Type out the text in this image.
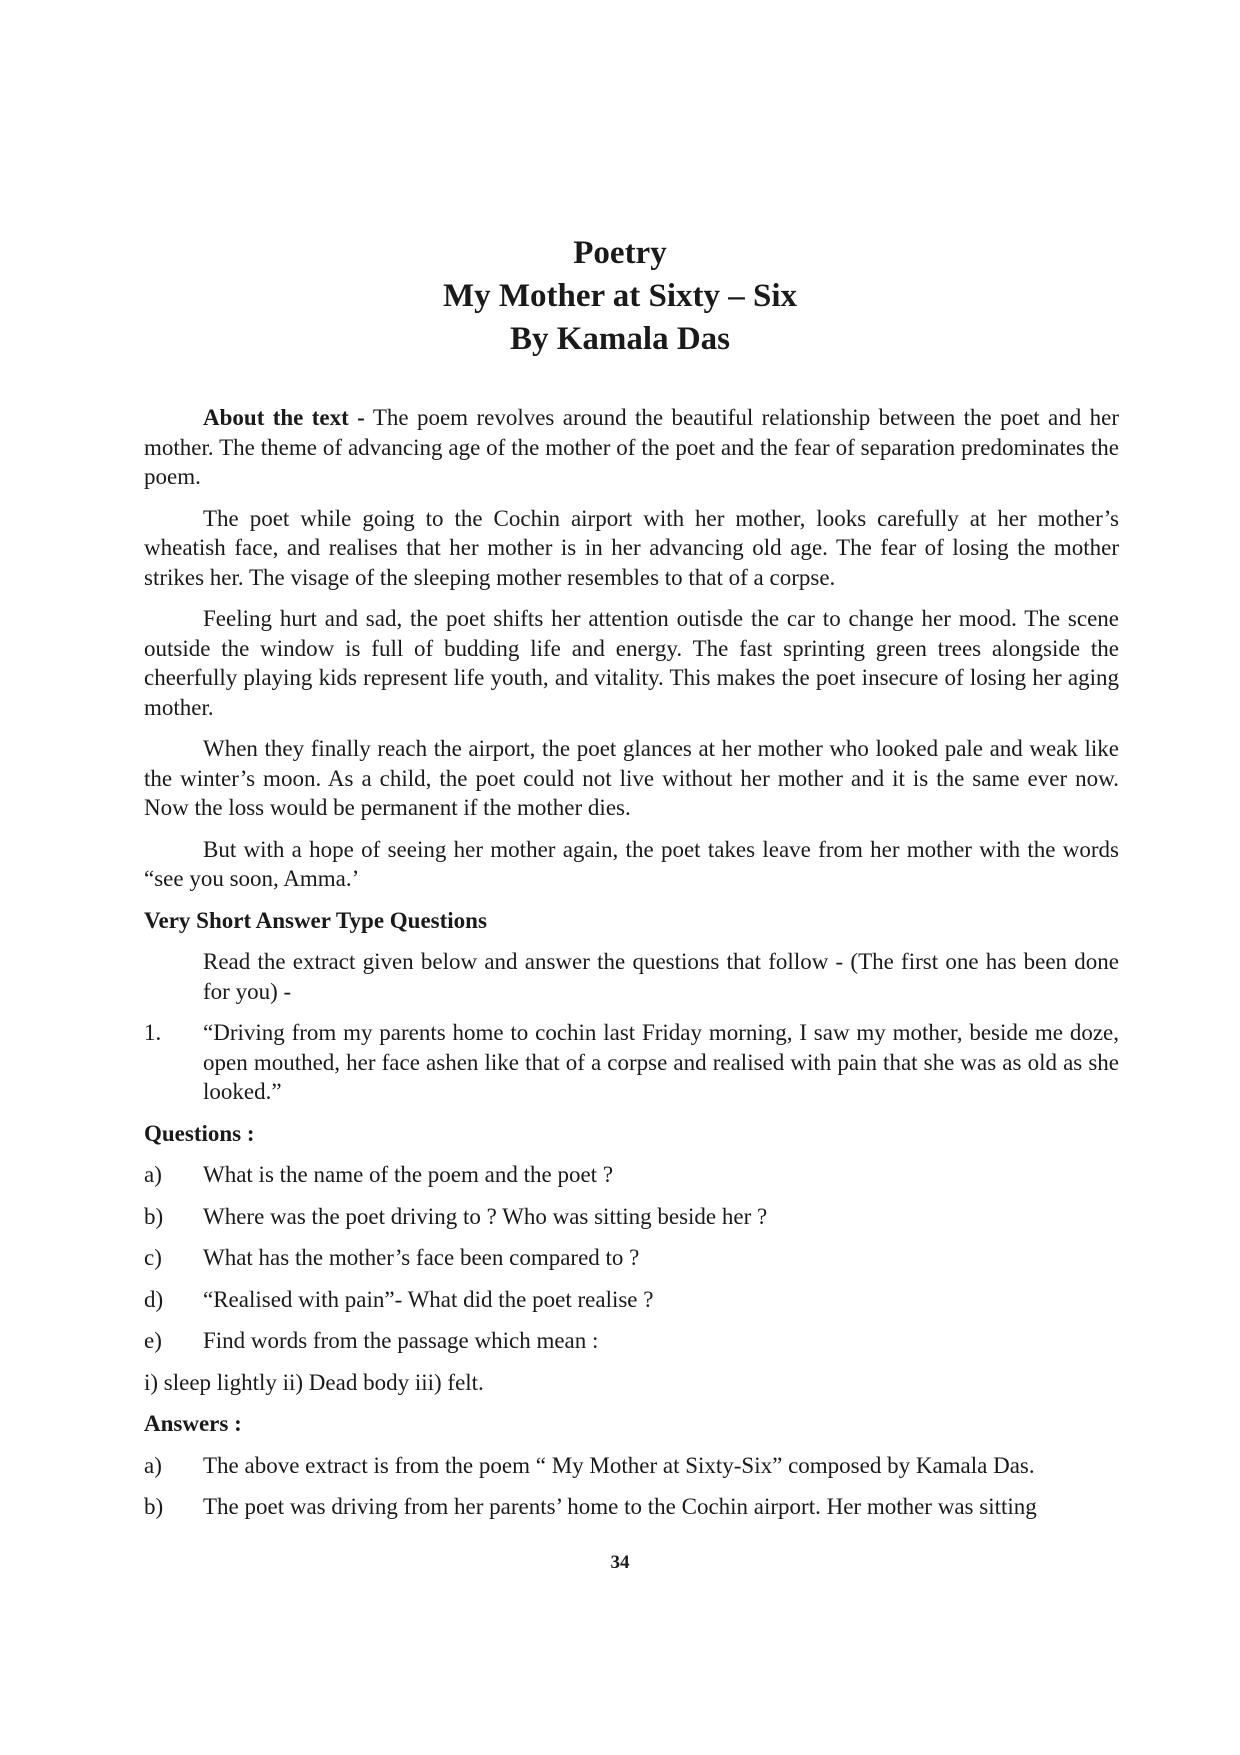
Poetry
My Mother at Sixty – Six
By Kamala Das

About the text - The poem revolves around the beautiful relationship between the poet and her mother. The theme of advancing age of the mother of the poet and the fear of separation predominates the poem.

The poet while going to the Cochin airport with her mother, looks carefully at her mother’s wheatish face, and realises that her mother is in her advancing old age. The fear of losing the mother strikes her. The visage of the sleeping mother resembles to that of a corpse.

Feeling hurt and sad, the poet shifts her attention outisde the car to change her mood. The scene outside the window is full of budding life and energy. The fast sprinting green trees alongside the cheerfully playing kids represent life youth, and vitality. This makes the poet insecure of losing her aging mother.

When they finally reach the airport, the poet glances at her mother who looked pale and weak like the winter’s moon. As a child, the poet could not live without her mother and it is the same ever now. Now the loss would be permanent if the mother dies.

But with a hope of seeing her mother again, the poet takes leave from her mother with the words “see you soon, Amma.’

Very Short Answer Type Questions
Read the extract given below and answer the questions that follow - (The first one has been done for you) -
1. “Driving from my parents home to cochin last Friday morning, I saw my mother, beside me doze, open mouthed, her face ashen like that of a corpse and realised with pain that she was as old as she looked.”
Questions :
a) What is the name of the poem and the poet ?
b) Where was the poet driving to ? Who was sitting beside her ?
c) What has the mother’s face been compared to ?
d) “Realised with pain”- What did the poet realise ?
e) Find words from the passage which mean :
i) sleep lightly ii) Dead body iii) felt.
Answers :
a) The above extract is from the poem “ My Mother at Sixty-Six” composed by Kamala Das.
b) The poet was driving from her parents’ home to the Cochin airport. Her mother was sitting
34
